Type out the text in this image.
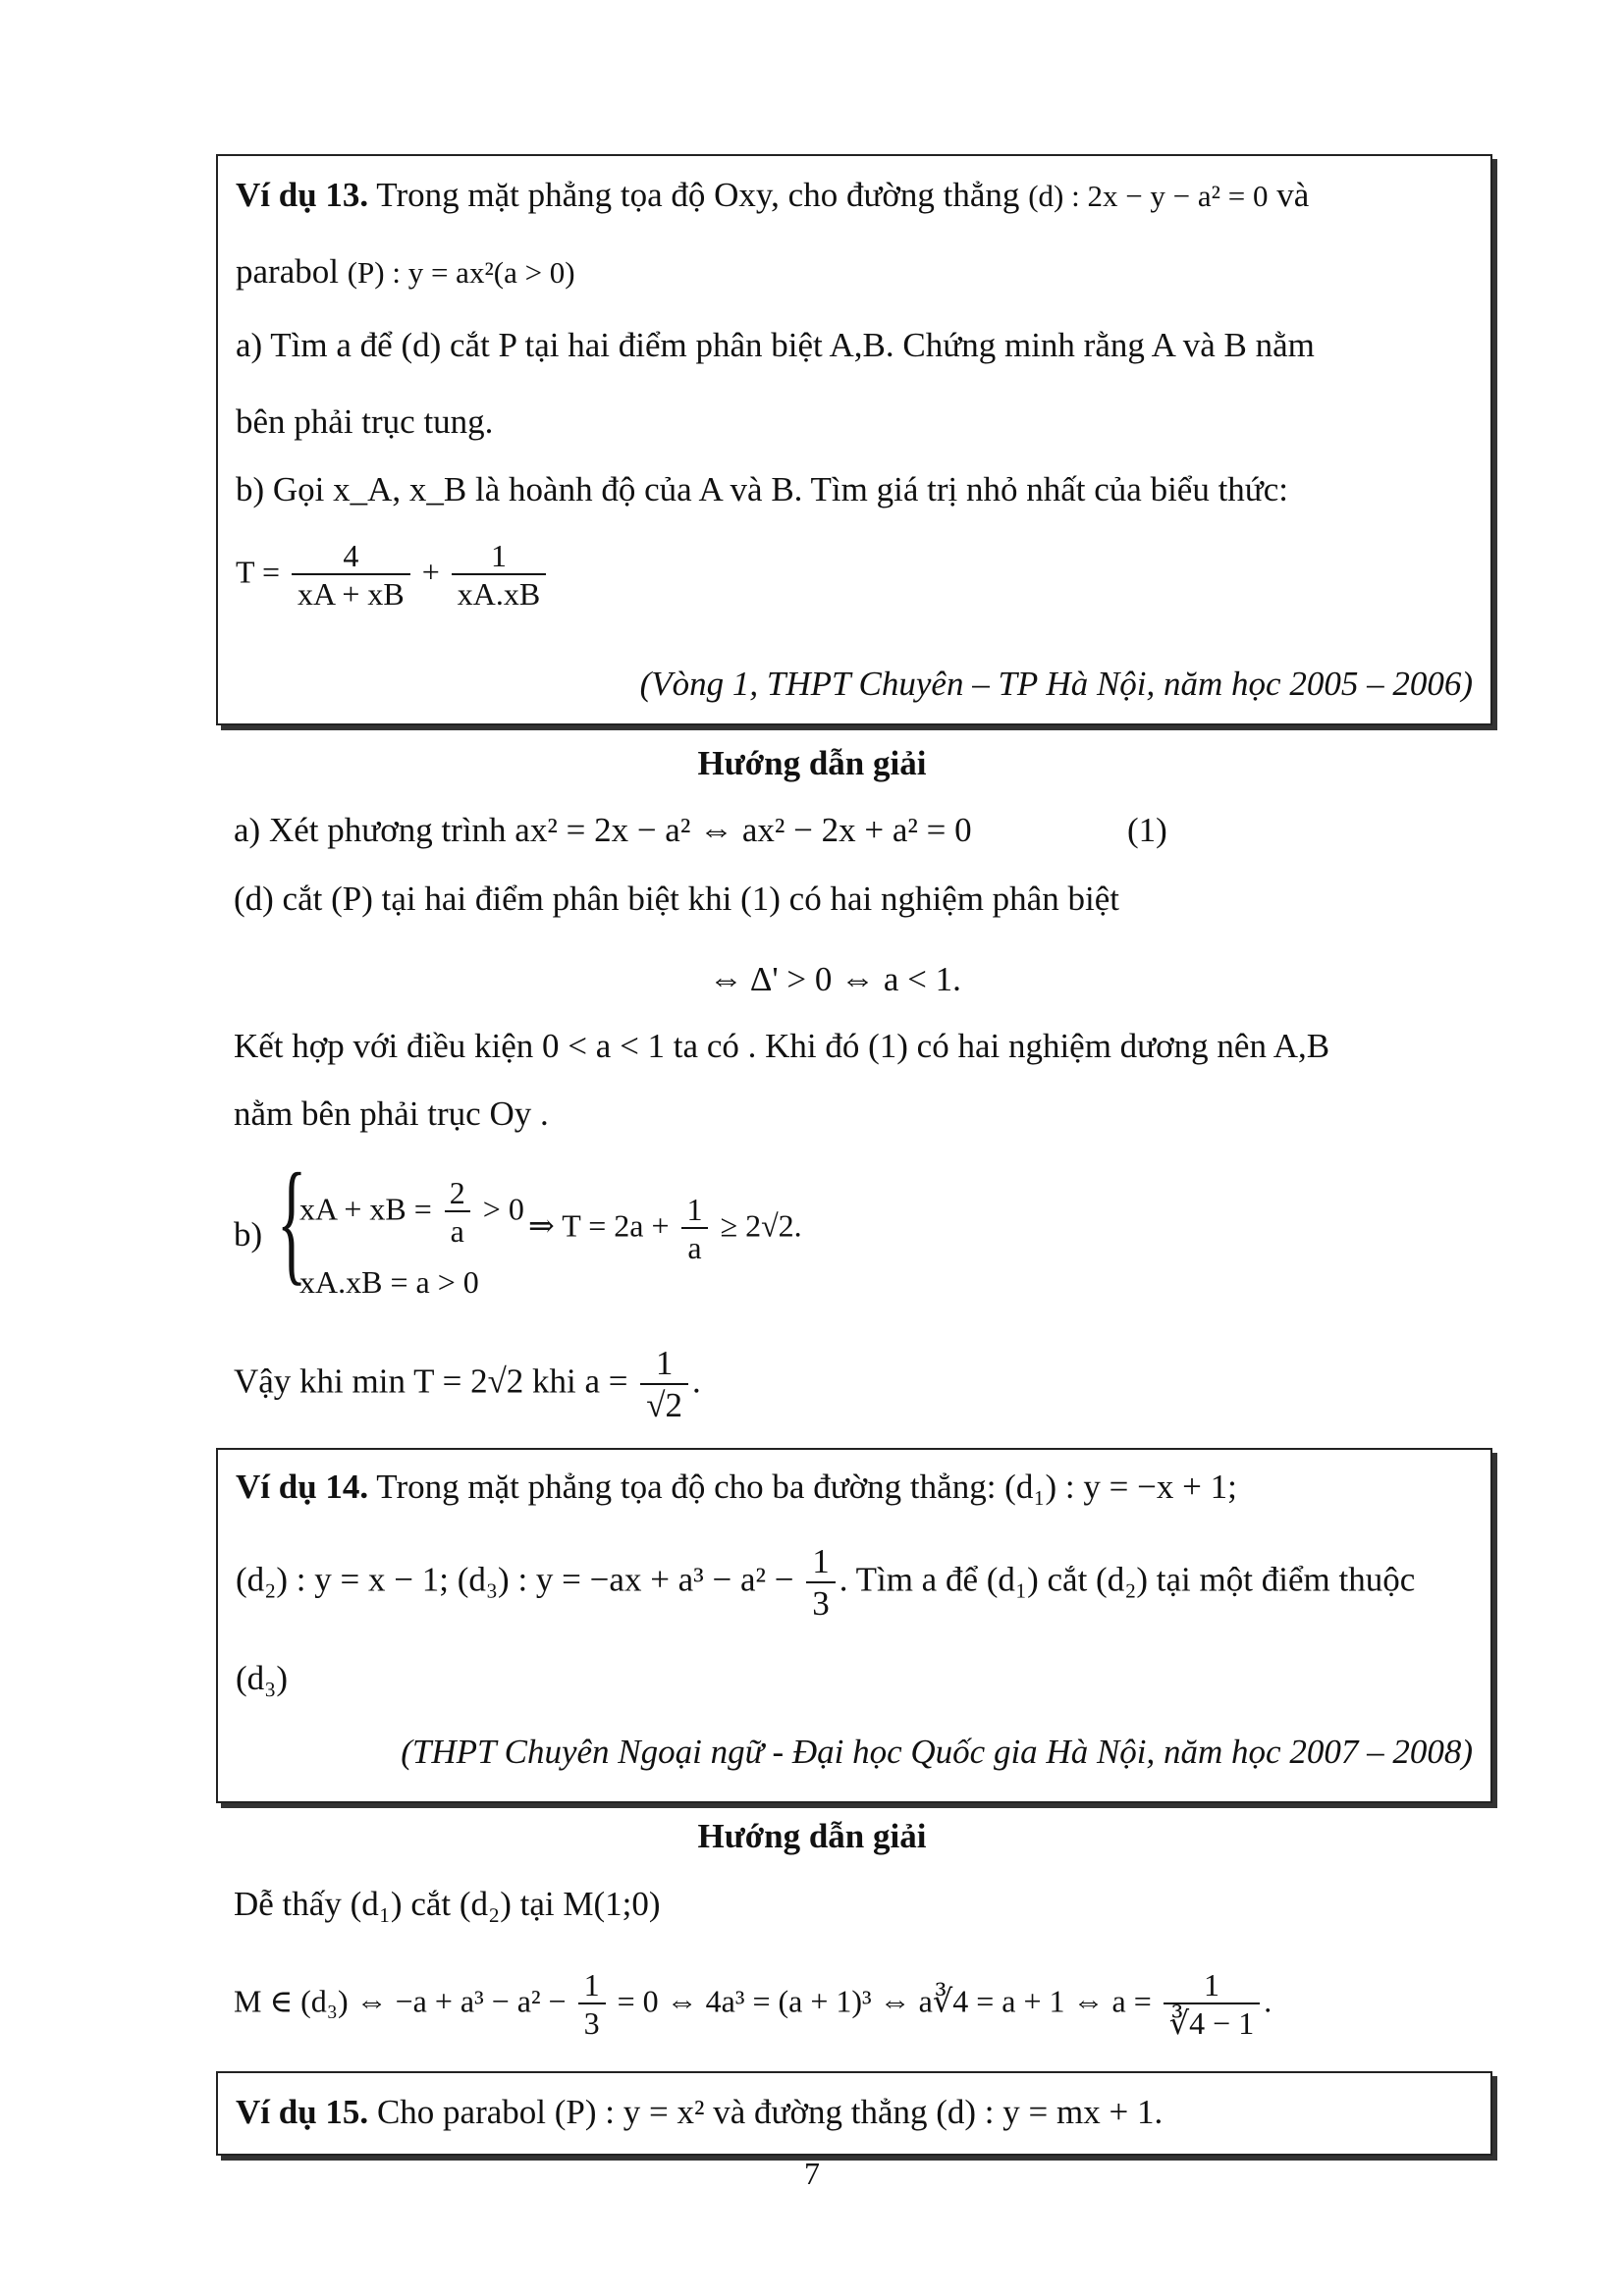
Ví dụ 13. Trong mặt phẳng tọa độ Oxy, cho đường thẳng (d) : 2x − y − a² = 0 và
parabol (P) : y = ax²(a > 0)
a) Tìm a để (d) cắt P tại hai điểm phân biệt A,B. Chứng minh rằng A và B nằm
bên phải trục tung.
b) Gọi x_A, x_B là hoành độ của A và B. Tìm giá trị nhỏ nhất của biểu thức:
$T = \frac{4}{xA + xB} + \frac{1}{xA.xB}$
(Vòng 1, THPT Chuyên – TP Hà Nội, năm học 2005 – 2006)
Hướng dẫn giải
a) Xét phương trình ax² = 2x − a² ⇔ ax² − 2x + a² = 0	(1)
(d) cắt (P) tại hai điểm phân biệt khi (1) có hai nghiệm phân biệt
⇔ Δ' > 0 ⇔ a < 1.
Kết hợp với điều kiện 0 < a < 1 ta có . Khi đó (1) có hai nghiệm dương nên A,B
nằm bên phải trục Oy .
b) {
xA + xB = $\frac{2}{a} > 0$
xA.xB = a > 0
⇒ $T = 2a + \frac{1}{a} \ge 2√2$.
Vậy khi min T = 2√2 khi $a = \frac{1}{√2}$ .
Ví dụ 14. Trong mặt phẳng tọa độ cho ba đường thẳng: (d₁) : y = −x + 1;
(d₂) : y = x − 1; (d₃) : $y = -ax + a^3 - a^2 - \frac{1}{3}$ . Tìm a để (d₁) cắt (d₂) tại một điểm thuộc
(d₃)
(THPT Chuyên Ngoại ngữ - Đại học Quốc gia Hà Nội, năm học 2007 – 2008)
Hướng dẫn giải
Dễ thấy (d₁) cắt (d₂) tại M(1;0)
M ∈ (d₃) ⇔ $-a + a^3 - a^2 - \frac{1}{3} = 0$ ⇔ 4a³ = (a + 1)³ ⇔ a∛4 = a + 1 ⇔ $a = \frac{1}{∛4 - 1}$ .
Ví dụ 15. Cho parabol (P) : y = x² và đường thẳng (d) : y = mx + 1.
7
